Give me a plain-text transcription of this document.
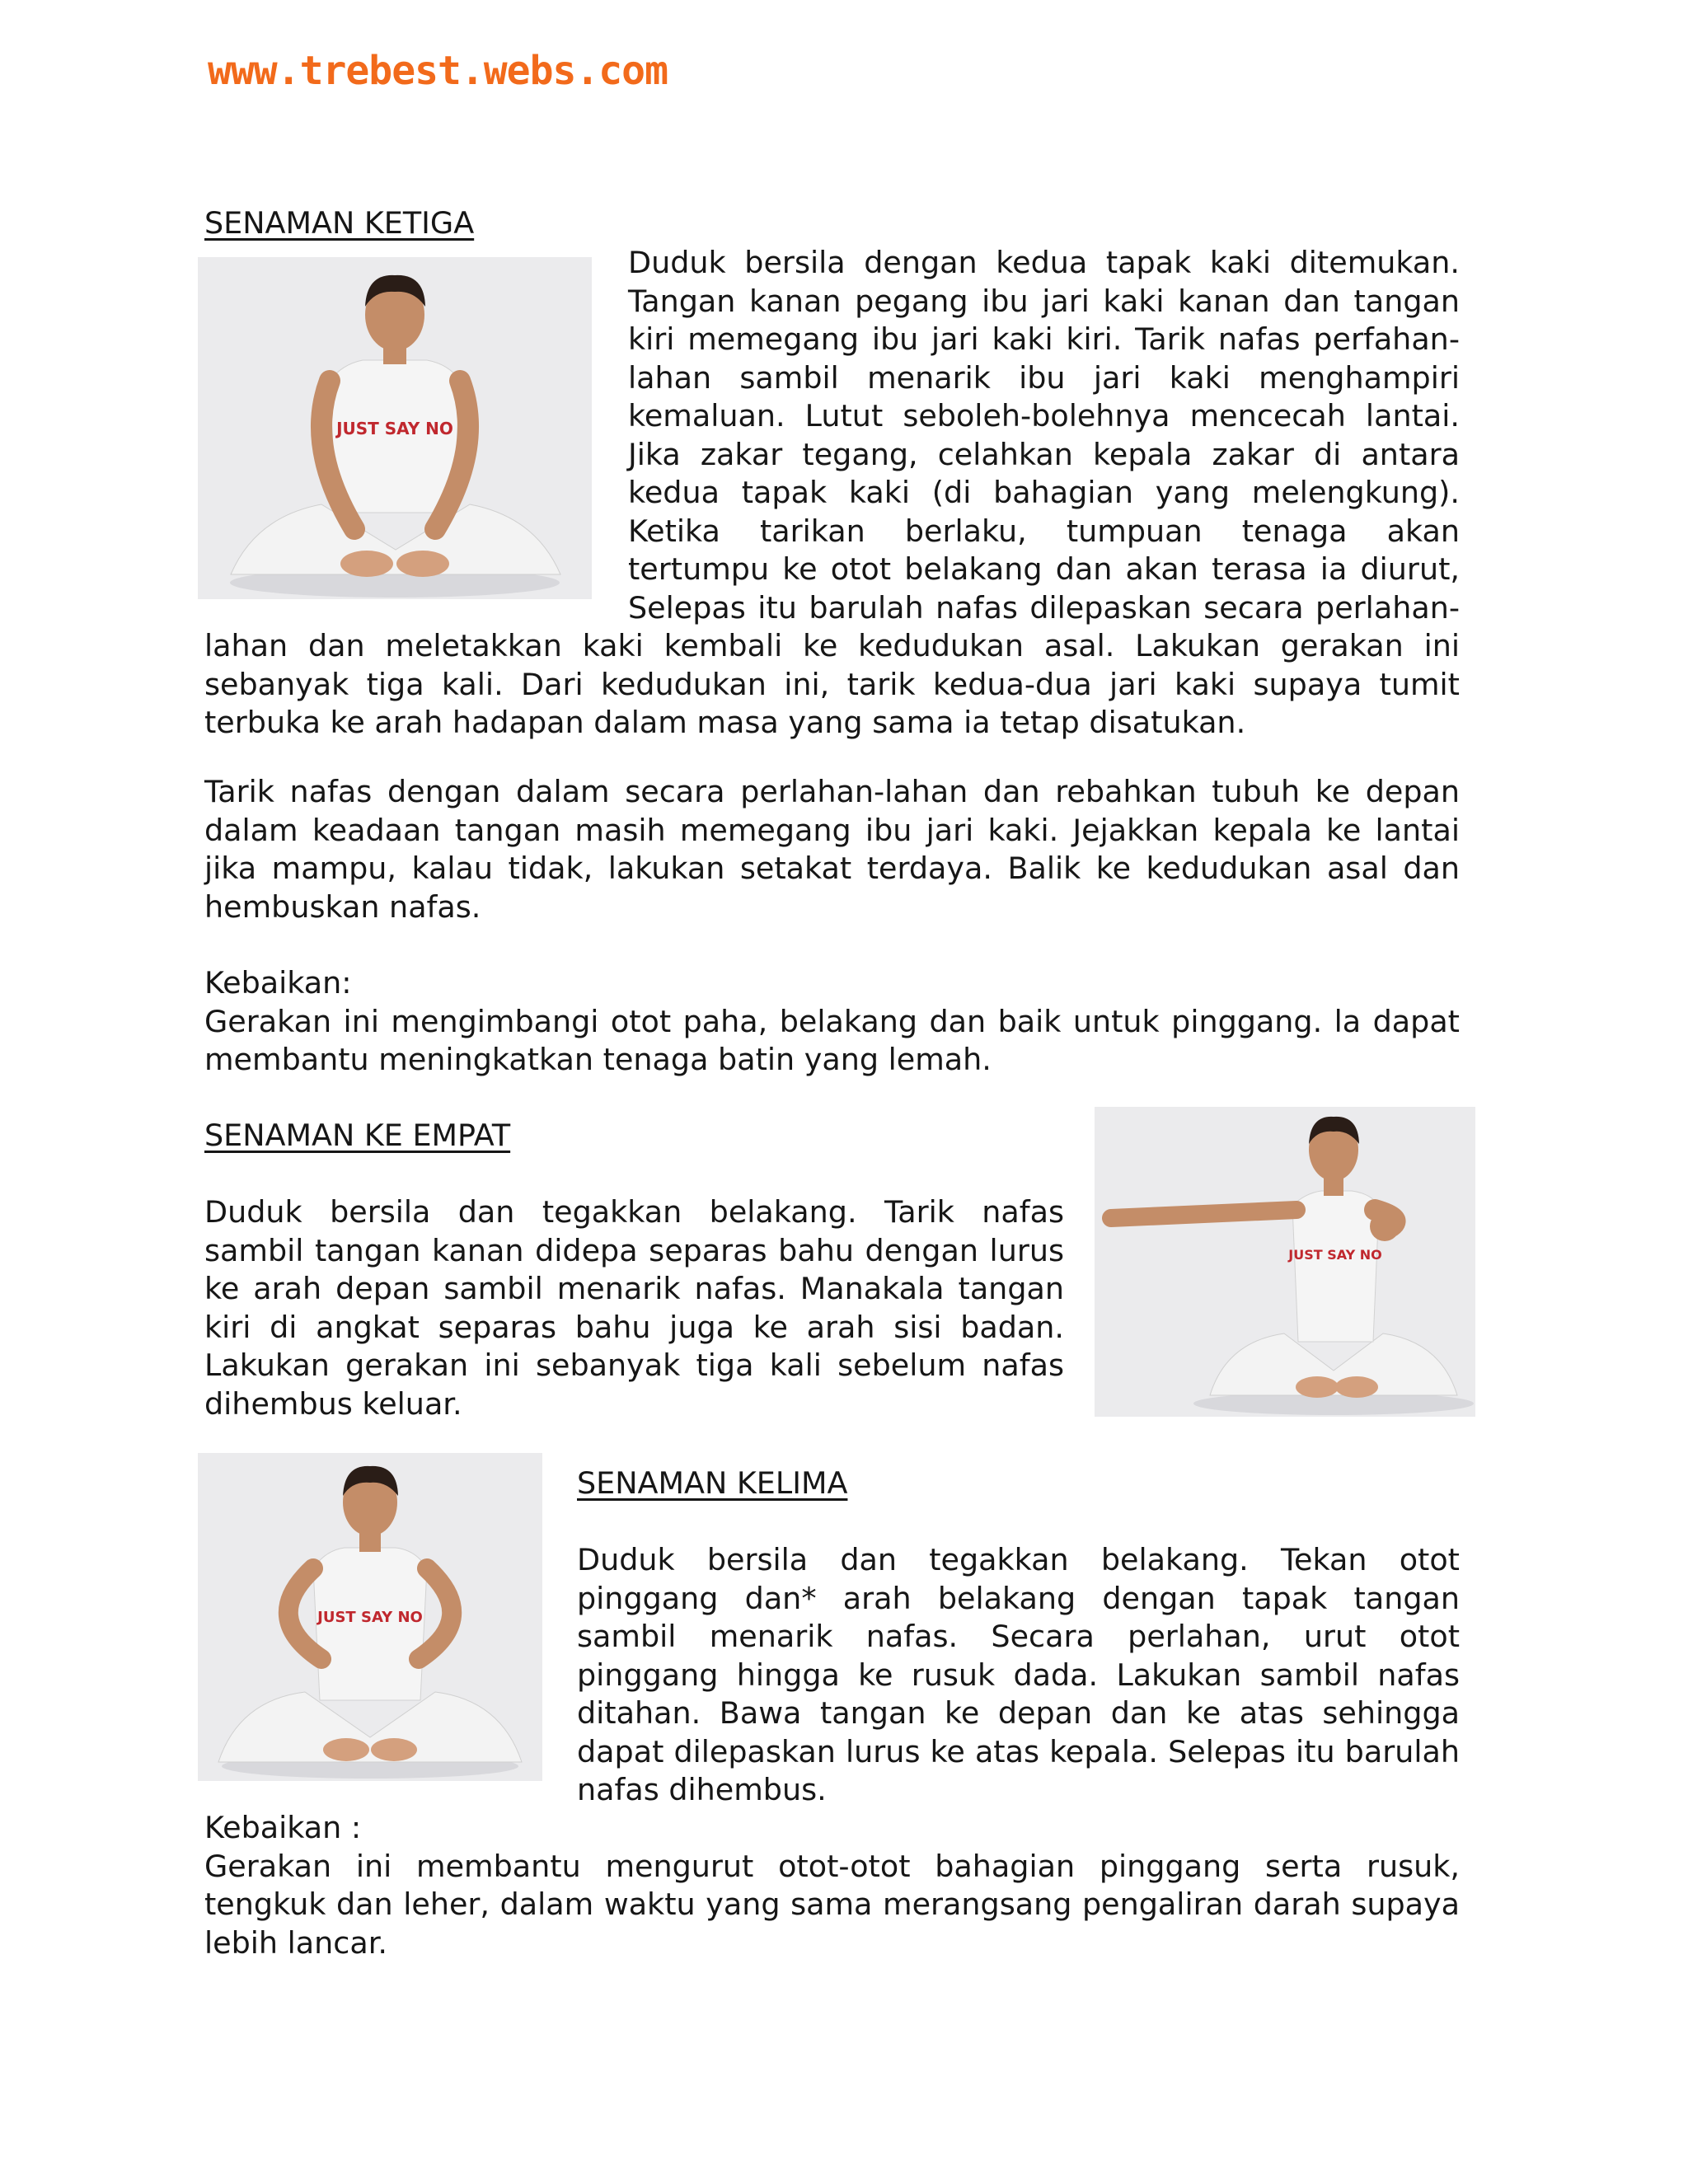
www.trebest.webs.com
SENAMAN KETIGA
JUST SAY NO

Duduk bersila dengan kedua tapak kaki ditemukan. Tangan kanan pegang ibu jari kaki kanan dan tangan kiri memegang ibu jari kaki kiri. Tarik nafas perfahan-lahan sambil menarik ibu jari kaki menghampiri kemaluan. Lutut seboleh-bolehnya mencecah lantai. Jika zakar tegang, celahkan kepala zakar di antara kedua tapak kaki (di bahagian yang melengkung). Ketika tarikan berlaku, tumpuan tenaga akan tertumpu ke otot belakang dan akan terasa ia diurut, Selepas itu barulah nafas dilepaskan secara perlahan-lahan dan meletakkan kaki kembali ke kedudukan asal. Lakukan gerakan ini sebanyak tiga kali. Dari kedudukan ini, tarik kedua-dua jari kaki supaya tumit terbuka ke arah hadapan dalam masa yang sama ia tetap disatukan.

Tarik nafas dengan dalam secara perlahan-lahan dan rebahkan tubuh ke depan dalam keadaan tangan masih memegang ibu jari kaki. Jejakkan kepala ke lantai jika mampu, kalau tidak, lakukan setakat terdaya. Balik ke kedudukan asal dan hembuskan nafas.

Kebaikan:

Gerakan ini mengimbangi otot paha, belakang dan baik untuk pinggang. la dapat membantu meningkatkan tenaga batin yang lemah.

SENAMAN KE EMPAT

Duduk bersila dan tegakkan belakang. Tarik nafas sambil tangan kanan didepa separas bahu dengan lurus ke arah depan sambil menarik nafas. Manakala tangan kiri di angkat separas bahu juga ke arah sisi badan. Lakukan gerakan ini sebanyak tiga kali sebelum nafas dihembus keluar.

JUST SAY NO
JUST SAY NO
SENAMAN KELIMA

Duduk bersila dan tegakkan belakang. Tekan otot pinggang dan* arah belakang dengan tapak tangan sambil menarik nafas. Secara perlahan, urut otot pinggang hingga ke rusuk dada. Lakukan sambil nafas ditahan. Bawa tangan ke depan dan ke atas sehingga dapat dilepaskan lurus ke atas kepala. Selepas itu barulah nafas dihembus.

Kebaikan :

Gerakan ini membantu mengurut otot-otot bahagian pinggang serta rusuk, tengkuk dan leher, dalam waktu yang sama merangsang pengaliran darah supaya lebih lancar.
